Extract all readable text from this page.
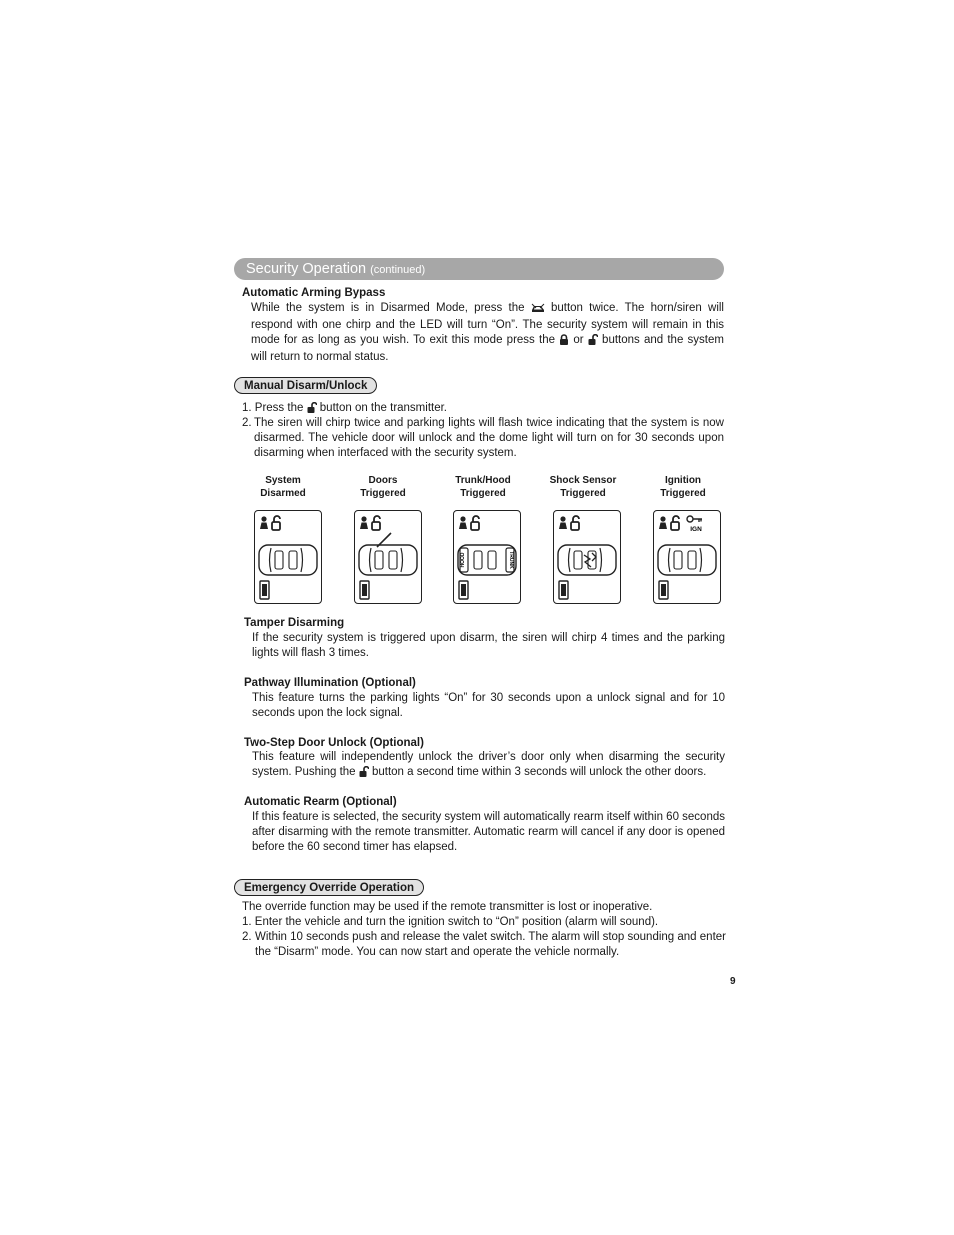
Security Operation (continued)
Automatic Arming Bypass
While the system is in Disarmed Mode, press the button twice. The horn/siren will respond with one chirp and the LED will turn “On”. The security system will remain in this mode for as long as you wish. To exit this mode press the or buttons and the system will return to normal status.
Manual Disarm/Unlock
1. Press the button on the transmitter.
2. The siren will chirp twice and parking lights will flash twice indicating that the system is now disarmed. The vehicle door will unlock and the dome light will turn on for 30 seconds upon disarming when interfaced with the security system.
System
Disarmed
Doors
Triggered
Trunk/Hood
Triggered
HOOD	TRUNK
Shock Sensor
Triggered
Ignition
Triggered
IGN
Tamper Disarming
If the security system is triggered upon disarm, the siren will chirp 4 times and the parking lights will flash 3 times.
Pathway Illumination (Optional)
This feature turns the parking lights “On” for 30 seconds upon a unlock signal and for 10 seconds upon the lock signal.
Two-Step Door Unlock (Optional)
This feature will independently unlock the driver’s door only when disarming the security system. Pushing the button a second time within 3 seconds will unlock the other doors.
Automatic Rearm (Optional)
If this feature is selected, the security system will automatically rearm itself within 60 seconds after disarming with the remote transmitter. Automatic rearm will cancel if any door is opened before the 60 second timer has elapsed.
Emergency Override Operation
The override function may be used if the remote transmitter is lost or inoperative.
1. Enter the vehicle and turn the ignition switch to “On” position (alarm will sound).
2. Within 10 seconds push and release the valet switch. The alarm will stop sounding and enter the “Disarm” mode. You can now start and operate the vehicle normally.
9
